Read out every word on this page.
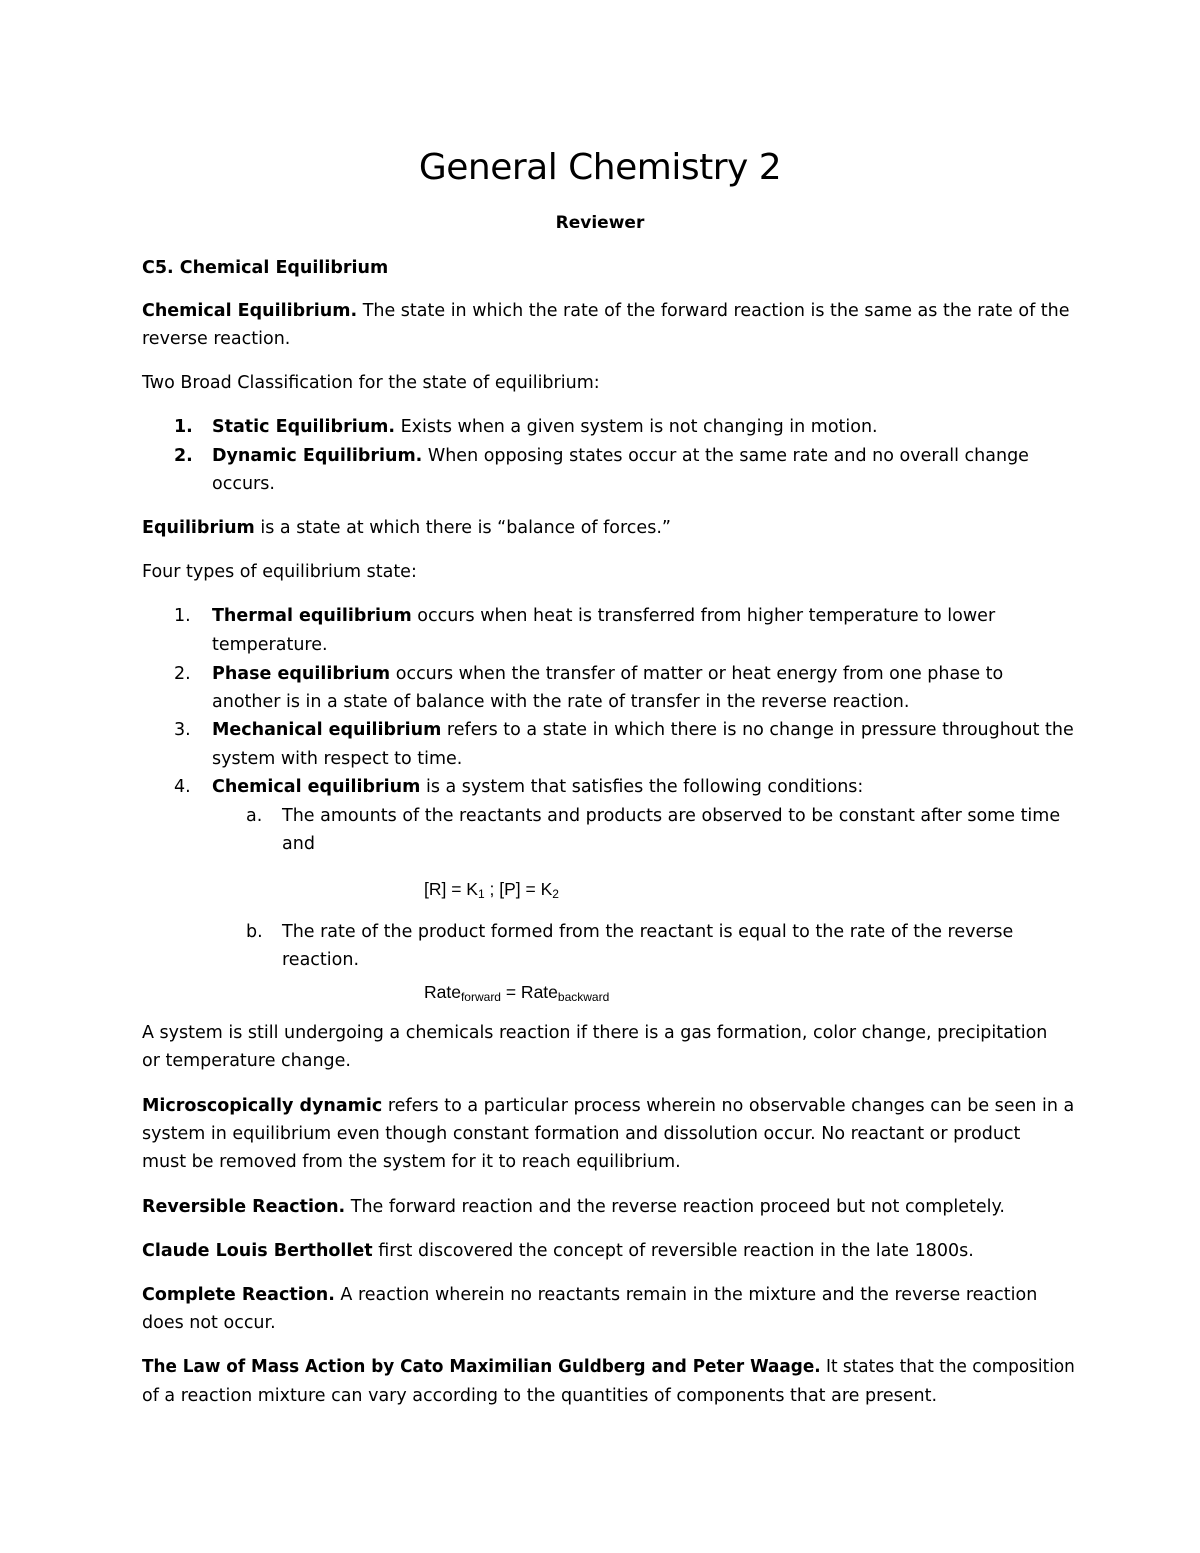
General Chemistry 2
Reviewer
C5. Chemical Equilibrium
Chemical Equilibrium. The state in which the rate of the forward reaction is the same as the rate of the
reverse reaction.
Two Broad Classification for the state of equilibrium:
1. Static Equilibrium. Exists when a given system is not changing in motion.
2. Dynamic Equilibrium. When opposing states occur at the same rate and no overall change
occurs.
Equilibrium is a state at which there is “balance of forces.”
Four types of equilibrium state:
1. Thermal equilibrium occurs when heat is transferred from higher temperature to lower
temperature.
2. Phase equilibrium occurs when the transfer of matter or heat energy from one phase to
another is in a state of balance with the rate of transfer in the reverse reaction.
3. Mechanical equilibrium refers to a state in which there is no change in pressure throughout the
system with respect to time.
4. Chemical equilibrium is a system that satisfies the following conditions:
a. The amounts of the reactants and products are observed to be constant after some time
and
$[R] = K_1$ ; $[P] = K_2$
b. The rate of the product formed from the reactant is equal to the rate of the reverse
reaction.
Rate$_{forward}$ = Rate$_{backward}$
A system is still undergoing a chemicals reaction if there is a gas formation, color change, precipitation
or temperature change.
Microscopically dynamic refers to a particular process wherein no observable changes can be seen in a
system in equilibrium even though constant formation and dissolution occur. No reactant or product
must be removed from the system for it to reach equilibrium.
Reversible Reaction. The forward reaction and the reverse reaction proceed but not completely.
Claude Louis Berthollet first discovered the concept of reversible reaction in the late 1800s.
Complete Reaction. A reaction wherein no reactants remain in the mixture and the reverse reaction
does not occur.
The Law of Mass Action by Cato Maximilian Guldberg and Peter Waage. It states that the composition
of a reaction mixture can vary according to the quantities of components that are present.
